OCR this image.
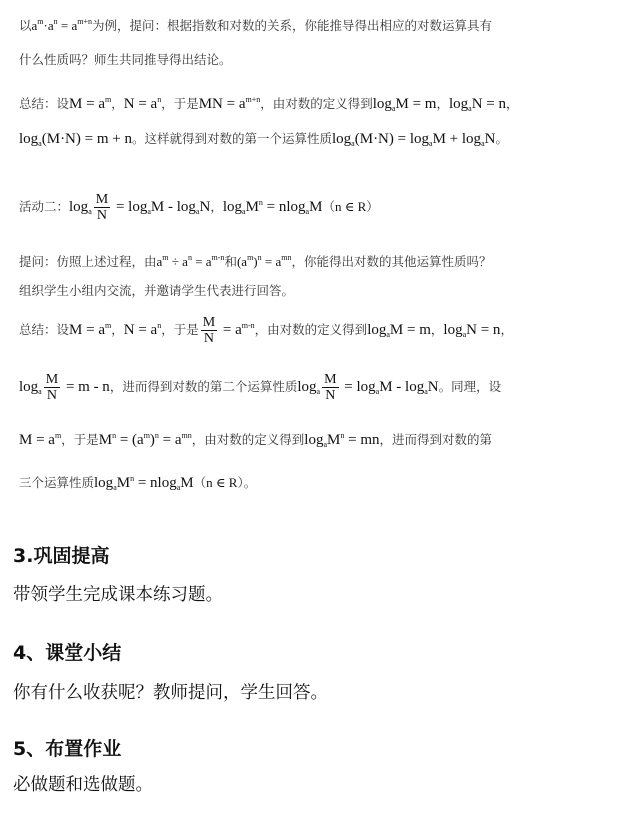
以$a^m\cdot a^n = a^{m+n}$为例，提问：根据指数和对数的关系，你能推导得出相应的对数运算具有
什么性质吗？师生共同推导得出结论。
总结：设$M = a^m$，$N = a^n$，于是MN = $a^{m+n}$，由对数的定义得到$\log_aM = m$，$\log_aN = n$，
$\log_a(M\cdot N) = m + n$。这样就得到对数的第一个运算性质$\log_a(M\cdot N) = \log_aM + \log_aN$。
活动二：$\log_a \frac{M}{N} = \log_aM - \log_aN$，$\log_aM^n = nlog_aM(n$ ∈ R）
提问：仿照上述过程，由$a^m \div a^n = a^{m-n}$和$(a^m)^n = a^{mn}$，你能得出对数的其他运算性质吗？
组织学生小组内交流，并邀请学生代表进行回答。
总结：设$M = a^m$，$N = a^n$，于是 $\frac{M}{N} = a^{m-n}$，由对数的定义得到$\log_aM = m$，$\log_aN = n$，
$\log_a \frac{M}{N} = m - n$，进而得到对数的第二个运算性质$\log_a \frac{M}{N} = \log_aM - \log_aN$。同理，设
$M = a^m$，于是$M^n = (a^m)^n = a^{mn}$，由对数的定义得到$\log_aM^n$ = mn，进而得到对数的第
三个运算性质$\log_aM^n = nlog_aM(n$ ∈ R）。
3.巩固提高
带领学生完成课本练习题。
4、课堂小结
你有什么收获呢？教师提问，学生回答。
5、布置作业
必做题和选做题。
